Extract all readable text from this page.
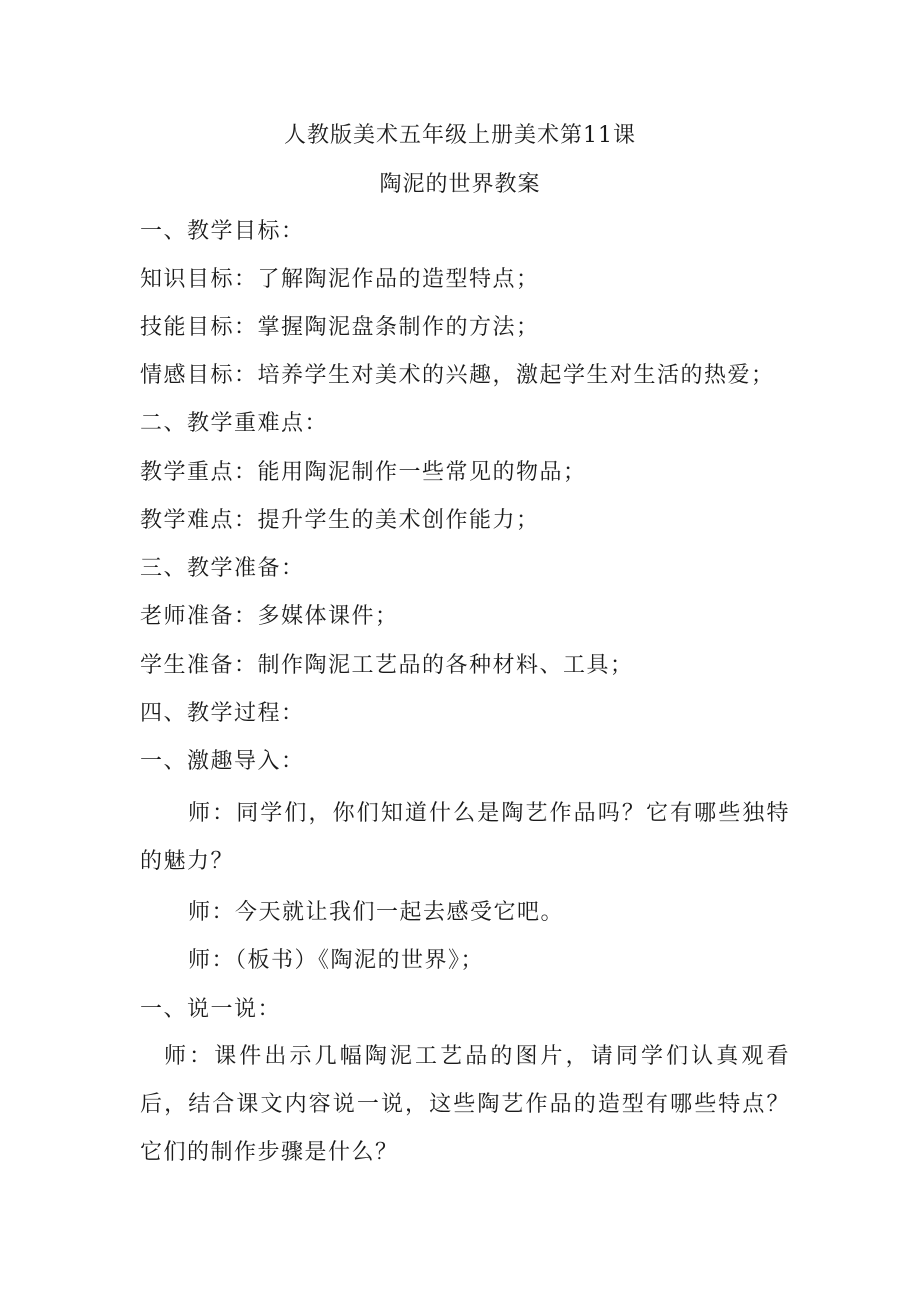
人教版美术五年级上册美术第11课
陶泥的世界教案
一、教学目标：
知识目标：了解陶泥作品的造型特点；
技能目标：掌握陶泥盘条制作的方法；
情感目标：培养学生对美术的兴趣，激起学生对生活的热爱；
二、教学重难点：
教学重点：能用陶泥制作一些常见的物品；
教学难点：提升学生的美术创作能力；
三、教学准备：
老师准备：多媒体课件；
学生准备：制作陶泥工艺品的各种材料、工具；
四、教学过程：
一、激趣导入：
师：同学们，你们知道什么是陶艺作品吗？它有哪些独特的魅力？
师：今天就让我们一起去感受它吧。
师：（板书）《陶泥的世界》；
一、说一说：
师：课件出示几幅陶泥工艺品的图片，请同学们认真观看后，结合课文内容说一说，这些陶艺作品的造型有哪些特点？它们的制作步骤是什么？
